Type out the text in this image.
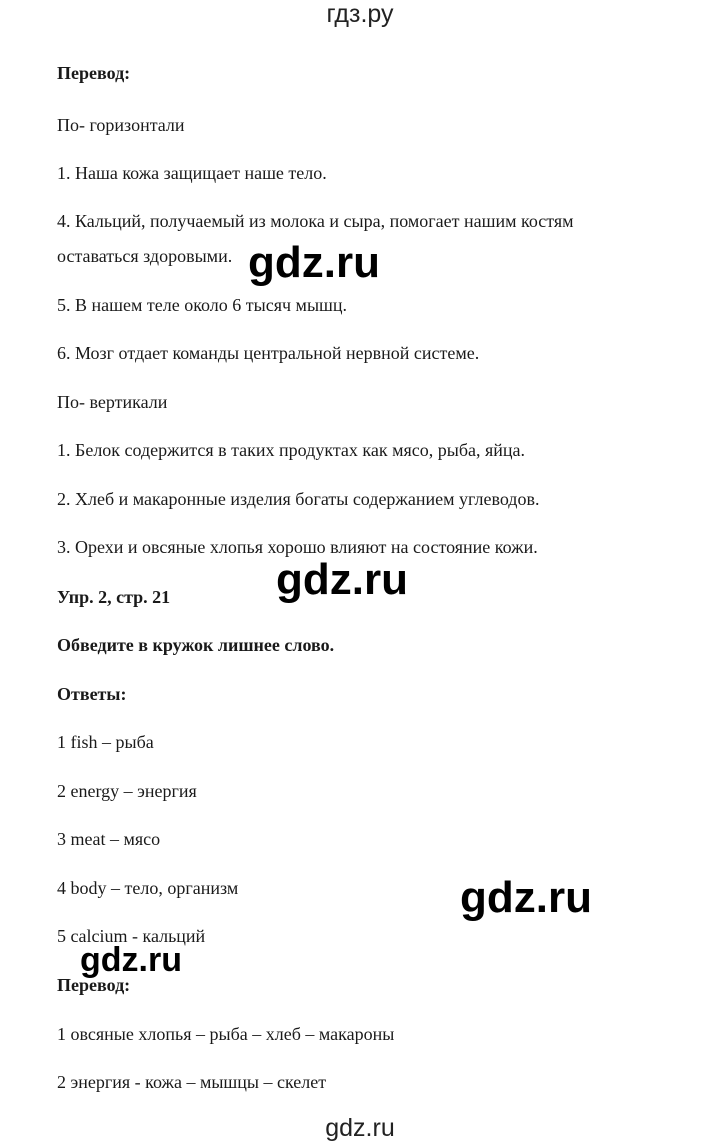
гдз.ру
Перевод:
По- горизонтали
1. Наша кожа защищает наше тело.
4. Кальций, получаемый из молока и сыра, помогает нашим костям
оставаться здоровыми.
5. В нашем теле около 6 тысяч мышц.
6. Мозг отдает команды центральной нервной системе.
По- вертикали
1. Белок содержится в таких продуктах как мясо, рыба, яйца.
2. Хлеб и макаронные изделия богаты содержанием углеводов.
3. Орехи и овсяные хлопья хорошо влияют на состояние кожи.
Упр. 2, стр. 21
Обведите в кружок лишнее слово.
Ответы:
1 fish – рыба
2 energy – энергия
3 meat – мясо
4 body – тело, организм
5 calcium - кальций
Перевод:
1 овсяные хлопья – рыба – хлеб – макароны
2 энергия - кожа – мышцы – скелет
gdz.ru
gdz.ru
gdz.ru
gdz.ru
gdz.ru
